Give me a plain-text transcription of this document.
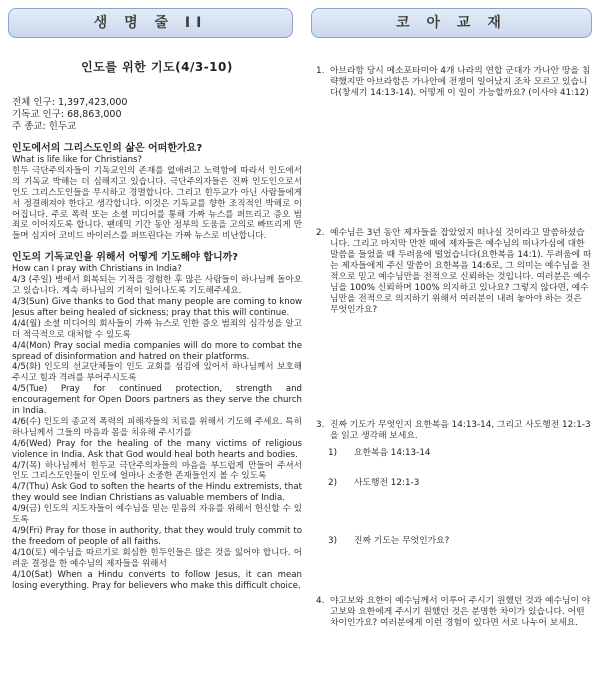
생 명 줄 II	코 아 교 재
인도를 위한 기도(4/3-10)
전체 인구: 1,397,423,000
기독교 인구: 68,863,000
주 종교: 힌두교
인도에서의 그리스도인의 삶은 어떠한가요?
What is life like for Christians?
힌두 극단주의자들이 기독교인의 존재를 없애려고 노력함에 따라서 인도에서의 기독교 박해는 더 심해지고 있습니다. 극단주의자들은 진짜 인도인으로서 인도 그리스도인들을 무시하고 경멸합니다. 그리고 힌두교가 아닌 사람들에게서 정결해져야 한다고 생각합니다. 이것은 기독교를 향한 조직적인 박해로 이어집니다. 주로 폭력 또는 소셜 미디어를 통해 가짜 뉴스를 퍼뜨리고 증오 범죄로 이어지도록 합니다. 팬데믹 기간 동안 정부의 도움을 고의로 빠뜨리게 만들며 심지어 코비드 바이러스를 퍼뜨린다는 가짜 뉴스로 비난합니다.
인도의 기독교인을 위해서 어떻게 기도해야 합니까?
How can I pray with Christians in India?
4/3 (주일) 병에서 회복되는 기적을 경험한 후 많은 사람들이 하나님께 돌아오고 있습니다. 계속 하나님의 기적이 일어나도록 기도해주세요.
4/3(Sun) Give thanks to God that many people are coming to know Jesus after being healed of sickness; pray that this will continue.
4/4(월) 소셜 미디어의 회사들이 가짜 뉴스로 인한 증오 범죄의 심각성을 알고 더 적극적으로 대처할 수 있도록
4/4(Mon) Pray social media companies will do more to combat the spread of disinformation and hatred on their platforms.
4/5(화) 인도의 선교단체들이 인도 교회를 섬김에 있어서 하나님께서 보호해 주시고 힘과 격려를 부어주시도록
4/5(Tue) Pray for continued protection, strength and encouragement for Open Doors partners as they serve the church in India.
4/6(수) 인도의 종교적 폭력의 피해자들의 치료를 위해서 기도해 주세요. 특히 하나님께서 그들의 마음과 몸을 치유해 주시기를
4/6(Wed) Pray for the healing of the many victims of religious violence in India. Ask that God would heal both hearts and bodies.
4/7(목) 하나님께서 힌두교 극단주의자들의 마음을 부드럽게 만들어 주셔서 인도 그리스도인들이 인도에 얼마나 소중한 존재들인지 볼 수 있도록
4/7(Thu) Ask God to soften the hearts of the Hindu extremists, that they would see Indian Christians as valuable members of India.
4/9(금) 인도의 지도자들이 예수님을 믿는 믿음의 자유를 위해서 헌신할 수 있도록
4/9(Fri) Pray for those in authority, that they would truly commit to the freedom of people of all faiths.
4/10(토) 예수님을 따르기로 회심한 힌두인들은 많은 것을 잃어야 합니다. 어려운 결정을 한 예수님의 제자들을 위해서
4/10(Sat) When a Hindu converts to follow Jesus, it can mean losing everything. Pray for believers who make this difficult choice.
1. 아브라함 당시 메소포타미아 4개 나라의 연합 군대가 가나안 땅을 침략했지만 아브라함은 가나안에 전쟁이 일어났지 조차 모르고 있습니다(창세기 14:13-14). 어떻게 이 일이 가능할까요? (이사야 41:12)
2. 예수님은 3년 동안 제자들을 잡았었지 떠나실 것이라고 말씀하셨습니다. 그리고 마지막 만찬 때에 제자들은 예수님의 떠나가심에 대한 말씀을 들었을 때 두려움에 떨었습니다(요한복음 14:1). 두려움에 떠는 제자들에게 주신 말씀이 요한복음 14:6로, 그 의미는 예수님을 전적으로 믿고 예수님만을 전적으로 신뢰하는 것입니다. 여러분은 예수님을 100% 신뢰하며 100% 의지하고 있나요? 그렇지 않다면, 예수님만을 전적으로 의지하기 위해서 여러분이 내려 놓아야 하는 것은 무엇인가요?
3. 진짜 기도가 무엇인지 요한복음 14:13-14, 그리고 사도행전 12:1-3을 읽고 생각해 보세요.
1) 요한복음 14:13-14
2) 사도행전 12:1-3
3) 진짜 기도는 무엇인가요?
4. 야고보와 요한이 예수님께서 이루어 주시기 원했던 것과 예수님이 야고보와 요한에게 주시기 원했던 것은 분명한 차이가 있습니다. 어떤 차이인가요? 여러분에게 이런 경험이 있다면 서로 나누어 보세요.
